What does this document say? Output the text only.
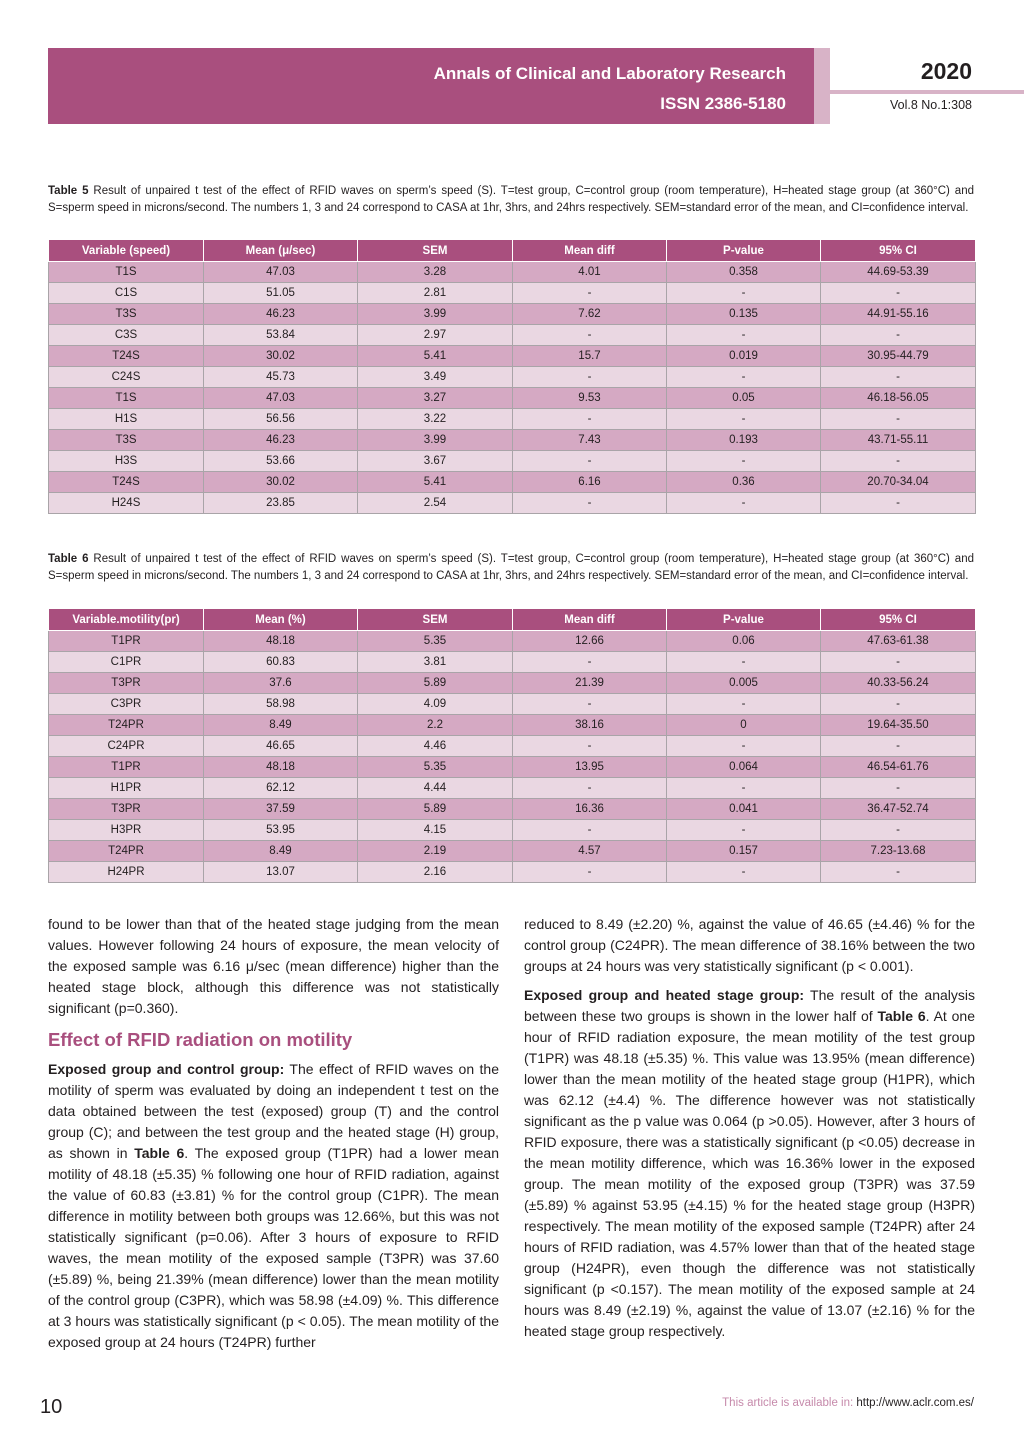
Annals of Clinical and Laboratory Research
ISSN 2386-5180
2020
Vol.8 No.1:308
Table 5 Result of unpaired t test of the effect of RFID waves on sperm’s speed (S). T=test group, C=control group (room temperature), H=heated stage group (at 360°C) and S=sperm speed in microns/second. The numbers 1, 3 and 24 correspond to CASA at 1hr, 3hrs, and 24hrs respectively. SEM=standard error of the mean, and CI=confidence interval.
Variable (speed)	Mean (μ/sec)	SEM	Mean diff	P-value	95% CI
T1S	47.03	3.28	4.01	0.358	44.69-53.39
C1S	51.05	2.81	-	-	-
T3S	46.23	3.99	7.62	0.135	44.91-55.16
C3S	53.84	2.97	-	-	-
T24S	30.02	5.41	15.7	0.019	30.95-44.79
C24S	45.73	3.49	-	-	-
T1S	47.03	3.27	9.53	0.05	46.18-56.05
H1S	56.56	3.22	-	-	-
T3S	46.23	3.99	7.43	0.193	43.71-55.11
H3S	53.66	3.67	-	-	-
T24S	30.02	5.41	6.16	0.36	20.70-34.04
H24S	23.85	2.54	-	-	-
Table 6 Result of unpaired t test of the effect of RFID waves on sperm’s speed (S). T=test group, C=control group (room temperature), H=heated stage group (at 360°C) and S=sperm speed in microns/second. The numbers 1, 3 and 24 correspond to CASA at 1hr, 3hrs, and 24hrs respectively. SEM=standard error of the mean, and CI=confidence interval.
Variable.motility(pr)	Mean (%)	SEM	Mean diff	P-value	95% CI
T1PR	48.18	5.35	12.66	0.06	47.63-61.38
C1PR	60.83	3.81	-	-	-
T3PR	37.6	5.89	21.39	0.005	40.33-56.24
C3PR	58.98	4.09	-	-	-
T24PR	8.49	2.2	38.16	0	19.64-35.50
C24PR	46.65	4.46	-	-	-
T1PR	48.18	5.35	13.95	0.064	46.54-61.76
H1PR	62.12	4.44	-	-	-
T3PR	37.59	5.89	16.36	0.041	36.47-52.74
H3PR	53.95	4.15	-	-	-
T24PR	8.49	2.19	4.57	0.157	7.23-13.68
H24PR	13.07	2.16	-	-	-

found to be lower than that of the heated stage judging from the mean values. However following 24 hours of exposure, the mean velocity of the exposed sample was 6.16 μ/sec (mean difference) higher than the heated stage block, although this difference was not statistically significant (p=0.360).

Effect of RFID radiation on motility

Exposed group and control group: The effect of RFID waves on the motility of sperm was evaluated by doing an independent t test on the data obtained between the test (exposed) group (T) and the control group (C); and between the test group and the heated stage (H) group, as shown in Table 6. The exposed group (T1PR) had a lower mean motility of 48.18 (±5.35) % following one hour of RFID radiation, against the value of 60.83 (±3.81) % for the control group (C1PR). The mean difference in motility between both groups was 12.66%, but this was not statistically significant (p=0.06). After 3 hours of exposure to RFID waves, the mean motility of the exposed sample (T3PR) was 37.60 (±5.89) %, being 21.39% (mean difference) lower than the mean motility of the control group (C3PR), which was 58.98 (±4.09) %. This difference at 3 hours was statistically significant (p < 0.05). The mean motility of the exposed group at 24 hours (T24PR) further

reduced to 8.49 (±2.20) %, against the value of 46.65 (±4.46) % for the control group (C24PR). The mean difference of 38.16% between the two groups at 24 hours was very statistically significant (p < 0.001).

Exposed group and heated stage group: The result of the analysis between these two groups is shown in the lower half of Table 6. At one hour of RFID radiation exposure, the mean motility of the test group (T1PR) was 48.18 (±5.35) %. This value was 13.95% (mean difference) lower than the mean motility of the heated stage group (H1PR), which was 62.12 (±4.4) %. The difference however was not statistically significant as the p value was 0.064 (p >0.05). However, after 3 hours of RFID exposure, there was a statistically significant (p <0.05) decrease in the mean motility difference, which was 16.36% lower in the exposed group. The mean motility of the exposed group (T3PR) was 37.59 (±5.89) % against 53.95 (±4.15) % for the heated stage group (H3PR) respectively. The mean motility of the exposed sample (T24PR) after 24 hours of RFID radiation, was 4.57% lower than that of the heated stage group (H24PR), even though the difference was not statistically significant (p <0.157). The mean motility of the exposed sample at 24 hours was 8.49 (±2.19) %, against the value of 13.07 (±2.16) % for the heated stage group respectively.

10	This article is available in: http://www.aclr.com.es/
